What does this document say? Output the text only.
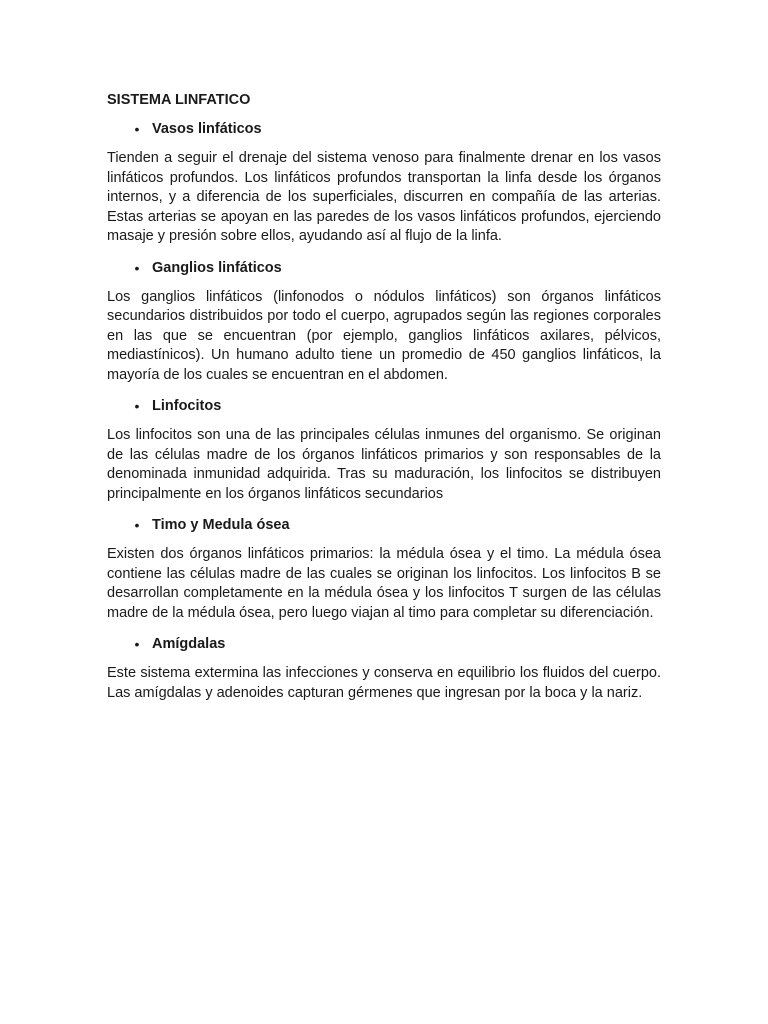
SISTEMA LINFATICO
• Vasos linfáticos

Tienden a seguir el drenaje del sistema venoso para finalmente drenar en los vasos linfáticos profundos. Los linfáticos profundos transportan la linfa desde los órganos internos, y a diferencia de los superficiales, discurren en compañía de las arterias. Estas arterias se apoyan en las paredes de los vasos linfáticos profundos, ejerciendo masaje y presión sobre ellos, ayudando así al flujo de la linfa.

• Ganglios linfáticos

Los ganglios linfáticos (linfonodos o nódulos linfáticos) son órganos linfáticos secundarios distribuidos por todo el cuerpo, agrupados según las regiones corporales en las que se encuentran (por ejemplo, ganglios linfáticos axilares, pélvicos, mediastínicos). Un humano adulto tiene un promedio de 450 ganglios linfáticos, la mayoría de los cuales se encuentran en el abdomen.

• Linfocitos

Los linfocitos son una de las principales células inmunes del organismo. Se originan de las células madre de los órganos linfáticos primarios y son responsables de la denominada inmunidad adquirida. Tras su maduración, los linfocitos se distribuyen principalmente en los órganos linfáticos secundarios

• Timo y Medula ósea

Existen dos órganos linfáticos primarios: la médula ósea y el timo. La médula ósea contiene las células madre de las cuales se originan los linfocitos. Los linfocitos B se desarrollan completamente en la médula ósea y los linfocitos T surgen de las células madre de la médula ósea, pero luego viajan al timo para completar su diferenciación.

• Amígdalas

Este sistema extermina las infecciones y conserva en equilibrio los fluidos del cuerpo. Las amígdalas y adenoides capturan gérmenes que ingresan por la boca y la nariz.
